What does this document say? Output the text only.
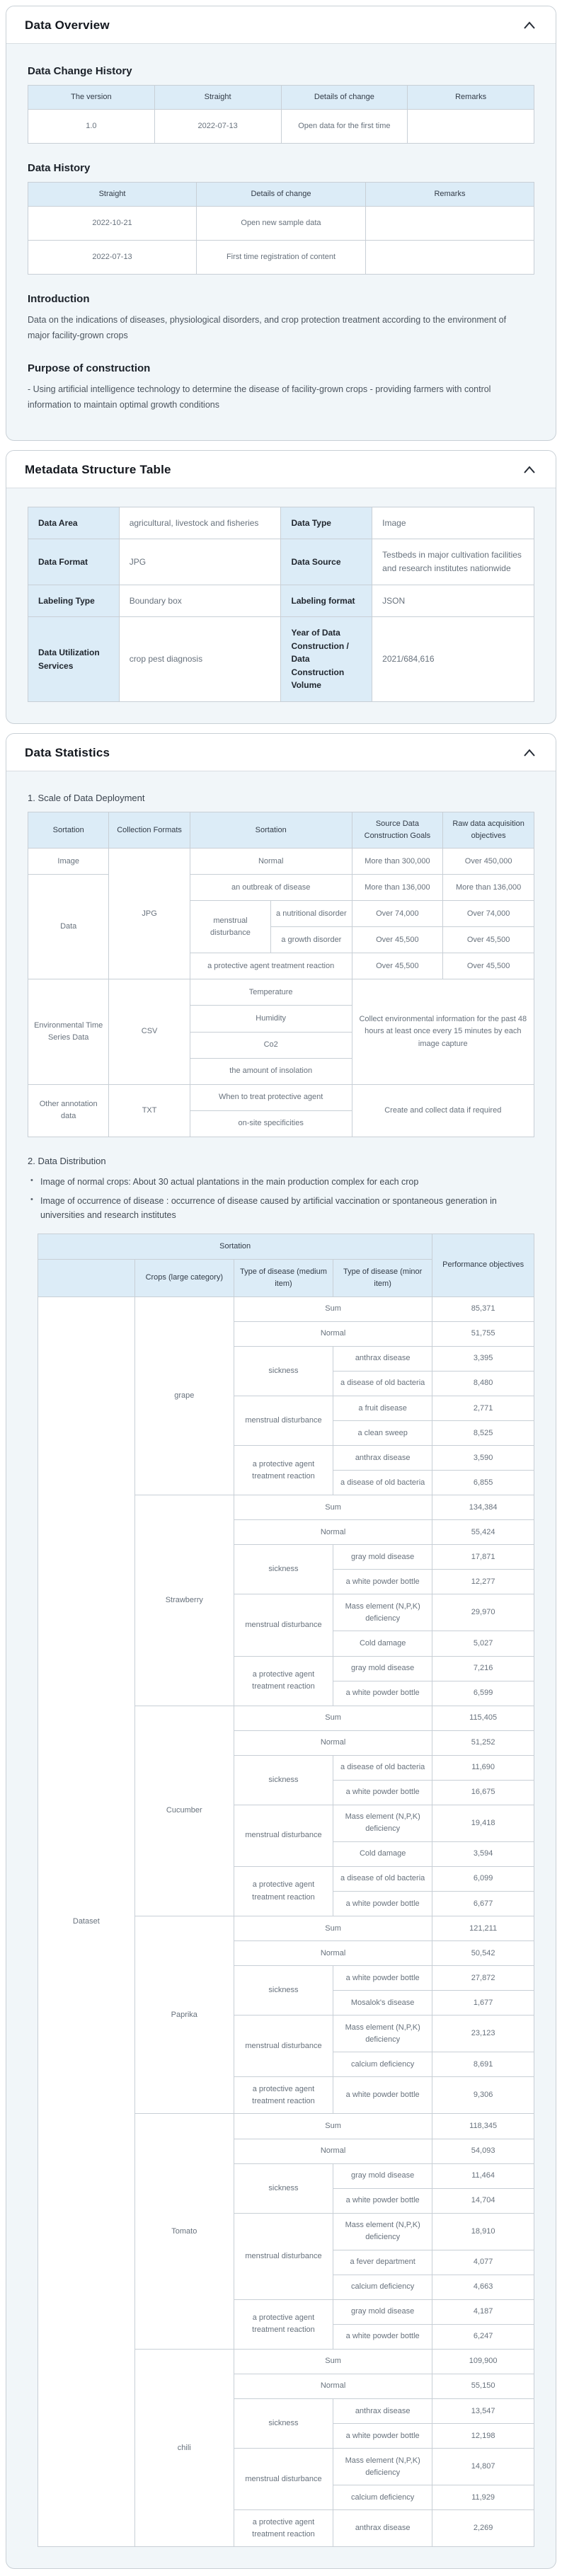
Data Overview
Data Change History
The version	Straight	Details of change	Remarks
1.0	2022-07-13	Open data for the first time	
Data History
Straight	Details of change	Remarks
2022-10-21	Open new sample data	
2022-07-13	First time registration of content	
Introduction

Data on the indications of diseases, physiological disorders, and crop protection treatment according to the environment of major facility-grown crops

Purpose of construction

- Using artificial intelligence technology to determine the disease of facility-grown crops - providing farmers with control information to maintain optimal growth conditions

Metadata Structure Table
Data Area	agricultural, livestock and fisheries	Data Type	Image
Data Format	JPG	Data Source	Testbeds in major cultivation facilities and research institutes nationwide
Labeling Type	Boundary box	Labeling format	JSON
Data Utilization Services	crop pest diagnosis	Year of Data Construction / Data Construction Volume	2021/684,616
Data Statistics
1. Scale of Data Deployment
Sortation	Collection Formats	Sortation		Source Data Construction Goals	Raw data acquisition objectives
Image	JPG	Normal		More than 300,000	Over 450,000
Data		an outbreak of disease		More than 136,000	More than 136,000
		menstrual disturbance	a nutritional disorder	Over 74,000	Over 74,000
			a growth disorder	Over 45,500	Over 45,500
		a protective agent treatment reaction		Over 45,500	Over 45,500
Environmental Time Series Data	CSV	Temperature		Collect environmental information for the past 48 hours at least once every 15 minutes by each image capture	
		Humidity			
		Co2			
		the amount of insolation			
Other annotation data	TXT	When to treat protective agent		Create and collect data if required	
		on-site specificities			
2. Data Distribution
• Image of normal crops: About 30 actual plantations in the main production complex for each crop
• Image of occurrence of disease : occurrence of disease caused by artificial vaccination or spontaneous generation in universities and research institutes
Sortation				Performance objectives
	Crops (large category)	Type of disease (medium item)	Type of disease (minor item)	
Dataset	grape	Sum		85,371
		Normal		51,755
		sickness	anthrax disease	3,395
			a disease of old bacteria	8,480
		menstrual disturbance	a fruit disease	2,771
			a clean sweep	8,525
		a protective agent treatment reaction	anthrax disease	3,590
			a disease of old bacteria	6,855
	Strawberry	Sum		134,384
		Normal		55,424
		sickness	gray mold disease	17,871
			a white powder bottle	12,277
		menstrual disturbance	Mass element (N,P,K) deficiency	29,970
			Cold damage	5,027
		a protective agent treatment reaction	gray mold disease	7,216
			a white powder bottle	6,599
	Cucumber	Sum		115,405
		Normal		51,252
		sickness	a disease of old bacteria	11,690
			a white powder bottle	16,675
		menstrual disturbance	Mass element (N,P,K) deficiency	19,418
			Cold damage	3,594
		a protective agent treatment reaction	a disease of old bacteria	6,099
			a white powder bottle	6,677
	Paprika	Sum		121,211
		Normal		50,542
		sickness	a white powder bottle	27,872
			Mosalok's disease	1,677
		menstrual disturbance	Mass element (N,P,K) deficiency	23,123
			calcium deficiency	8,691
		a protective agent treatment reaction	a white powder bottle	9,306
	Tomato	Sum		118,345
		Normal		54,093
		sickness	gray mold disease	11,464
			a white powder bottle	14,704
		menstrual disturbance	Mass element (N,P,K) deficiency	18,910
			a fever department	4,077
			calcium deficiency	4,663
		a protective agent treatment reaction	gray mold disease	4,187
			a white powder bottle	6,247
	chili	Sum		109,900
		Normal		55,150
		sickness	anthrax disease	13,547
			a white powder bottle	12,198
		menstrual disturbance	Mass element (N,P,K) deficiency	14,807
			calcium deficiency	11,929
		a protective agent treatment reaction	anthrax disease	2,269
